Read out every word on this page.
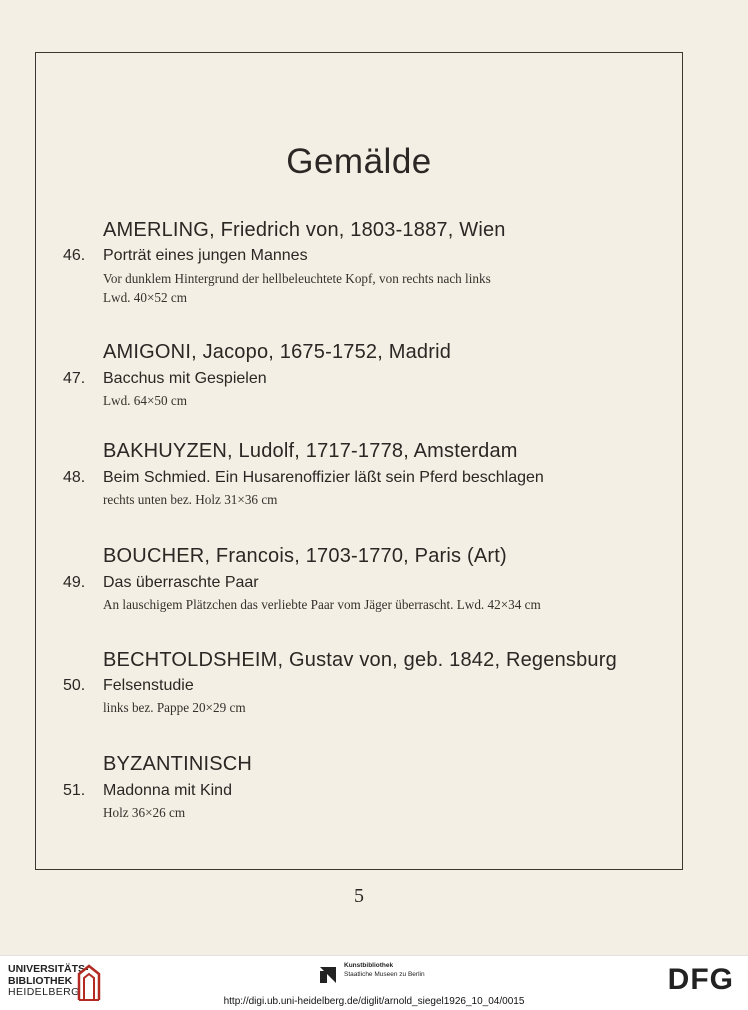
Gemälde
AMERLING, Friedrich von, 1803-1887, Wien
46. Porträt eines jungen Mannes
Vor dunklem Hintergrund der hellbeleuchtete Kopf, von rechts nach links
Lwd. 40×52 cm
AMIGONI, Jacopo, 1675-1752, Madrid
47. Bacchus mit Gespielen
Lwd. 64×50 cm
BAKHUYZEN, Ludolf, 1717-1778, Amsterdam
48. Beim Schmied. Ein Husarenoffizier läßt sein Pferd beschlagen
rechts unten bez. Holz 31×36 cm
BOUCHER, Francois, 1703-1770, Paris (Art)
49. Das überraschte Paar
An lauschigem Plätzchen das verliebte Paar vom Jäger überrascht. Lwd. 42×34 cm
BECHTOLDSHEIM, Gustav von, geb. 1842, Regensburg
50. Felsenstudie
links bez. Pappe 20×29 cm
BYZANTINISCH
51. Madonna mit Kind
Holz 36×26 cm
5
UNIVERSITÄTS-
BIBLIOTHEK
HEIDELBERG
Kunstbibliothek
Staatliche Museen zu Berlin	DFG
http://digi.ub.uni-heidelberg.de/diglit/arnold_siegel1926_10_04/0015
